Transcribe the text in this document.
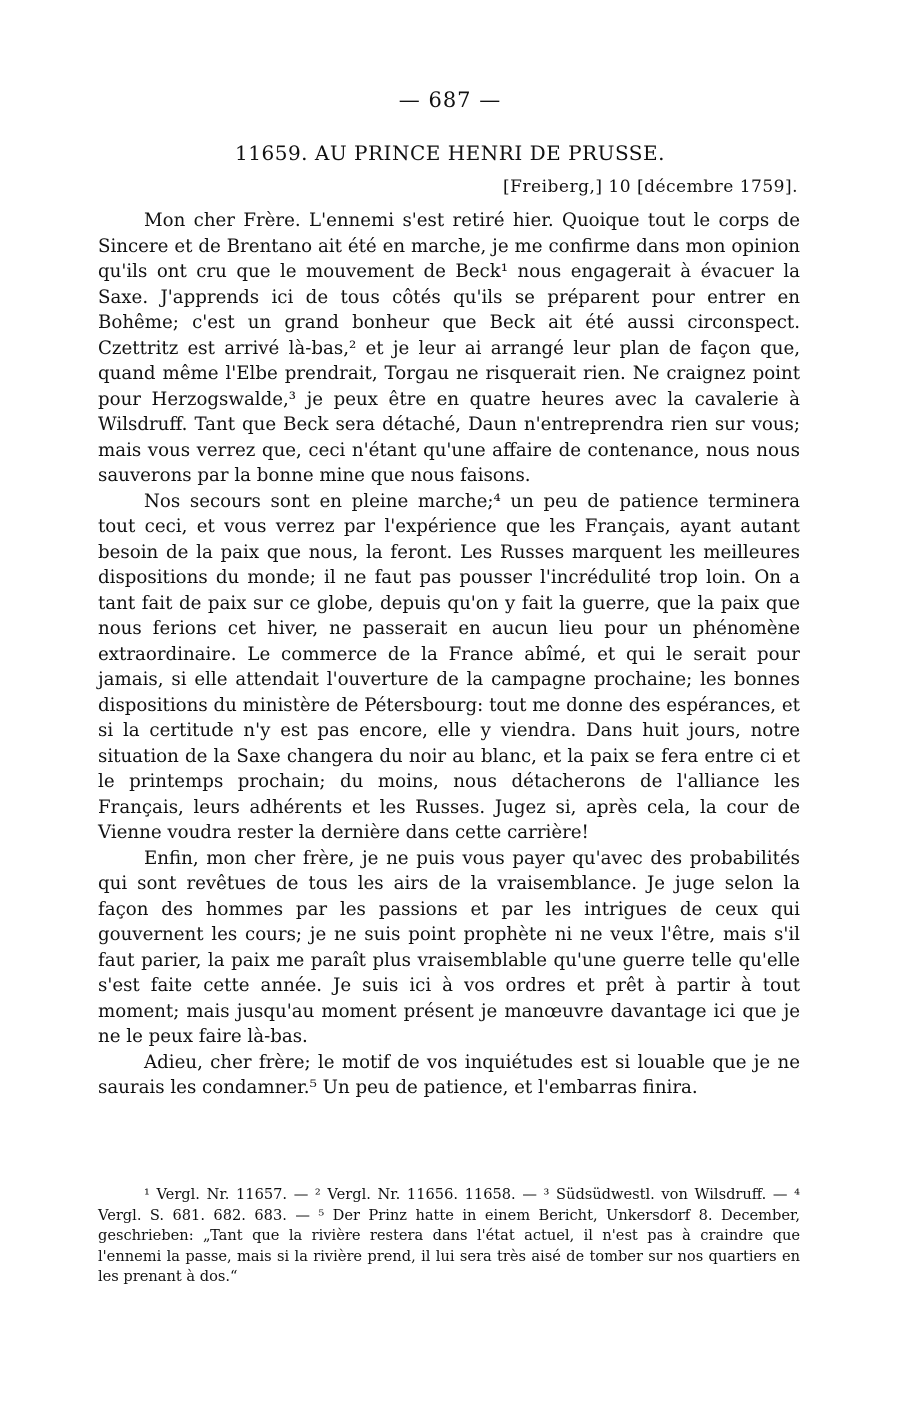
— 687 —
11659. AU PRINCE HENRI DE PRUSSE.
[Freiberg,] 10 [décembre 1759].

Mon cher Frère. L'ennemi s'est retiré hier. Quoique tout le corps de Sincere et de Brentano ait été en marche, je me confirme dans mon opinion qu'ils ont cru que le mouvement de Beck¹ nous engagerait à évacuer la Saxe. J'apprends ici de tous côtés qu'ils se préparent pour entrer en Bohême; c'est un grand bonheur que Beck ait été aussi circonspect. Czettritz est arrivé là-bas,² et je leur ai arrangé leur plan de façon que, quand même l'Elbe prendrait, Torgau ne risquerait rien. Ne craignez point pour Herzogswalde,³ je peux être en quatre heures avec la cavalerie à Wilsdruff. Tant que Beck sera détaché, Daun n'entreprendra rien sur vous; mais vous verrez que, ceci n'étant qu'une affaire de contenance, nous nous sauverons par la bonne mine que nous faisons.

Nos secours sont en pleine marche;⁴ un peu de patience terminera tout ceci, et vous verrez par l'expérience que les Français, ayant autant besoin de la paix que nous, la feront. Les Russes marquent les meilleures dispositions du monde; il ne faut pas pousser l'incrédulité trop loin. On a tant fait de paix sur ce globe, depuis qu'on y fait la guerre, que la paix que nous ferions cet hiver, ne passerait en aucun lieu pour un phénomène extraordinaire. Le commerce de la France abîmé, et qui le serait pour jamais, si elle attendait l'ouverture de la campagne prochaine; les bonnes dispositions du ministère de Pétersbourg: tout me donne des espérances, et si la certitude n'y est pas encore, elle y viendra. Dans huit jours, notre situation de la Saxe changera du noir au blanc, et la paix se fera entre ci et le printemps prochain; du moins, nous détacherons de l'alliance les Français, leurs adhérents et les Russes. Jugez si, après cela, la cour de Vienne voudra rester la dernière dans cette carrière!

Enfin, mon cher frère, je ne puis vous payer qu'avec des probabilités qui sont revêtues de tous les airs de la vraisemblance. Je juge selon la façon des hommes par les passions et par les intrigues de ceux qui gouvernent les cours; je ne suis point prophète ni ne veux l'être, mais s'il faut parier, la paix me paraît plus vraisemblable qu'une guerre telle qu'elle s'est faite cette année. Je suis ici à vos ordres et prêt à partir à tout moment; mais jusqu'au moment présent je manœuvre davantage ici que je ne le peux faire là-bas.

Adieu, cher frère; le motif de vos inquiétudes est si louable que je ne saurais les condamner.⁵ Un peu de patience, et l'embarras finira.

¹ Vergl. Nr. 11657. — ² Vergl. Nr. 11656. 11658. — ³ Südsüdwestl. von Wilsdruff. — ⁴ Vergl. S. 681. 682. 683. — ⁵ Der Prinz hatte in einem Bericht, Unkersdorf 8. December, geschrieben: „Tant que la rivière restera dans l'état actuel, il n'est pas à craindre que l'ennemi la passe, mais si la rivière prend, il lui sera très aisé de tomber sur nos quartiers en les prenant à dos.“
